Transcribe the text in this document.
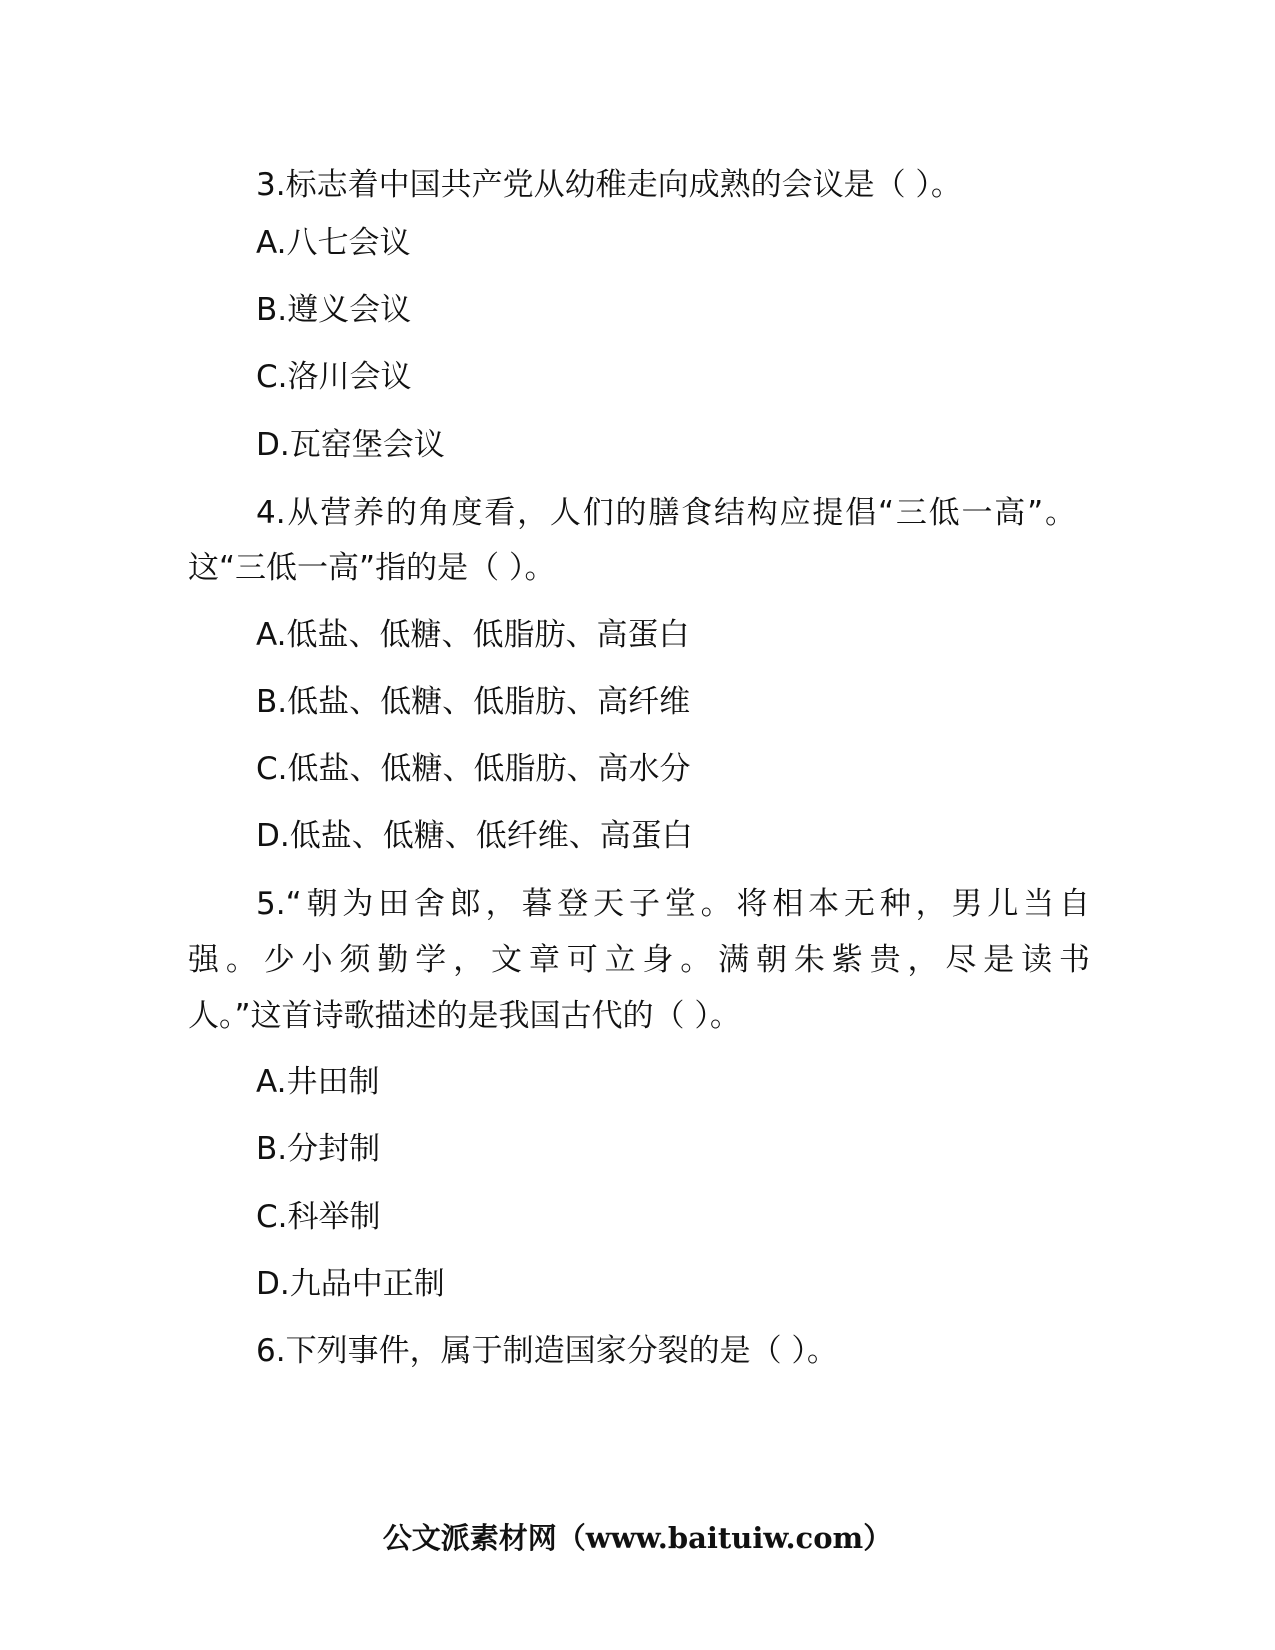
3.标志着中国共产党从幼稚走向成熟的会议是（ ）。
A.八七会议
B.遵义会议
C.洛川会议
D.瓦窑堡会议
4.从营养的角度看，人们的膳食结构应提倡“三低一高”。
这“三低一高”指的是（ ）。
A.低盐、低糖、低脂肪、高蛋白
B.低盐、低糖、低脂肪、高纤维
C.低盐、低糖、低脂肪、高水分
D.低盐、低糖、低纤维、高蛋白
5.“朝为田舍郎，暮登天子堂。将相本无种，男儿当自
强。少小须勤学，文章可立身。满朝朱紫贵，尽是读书
人。”这首诗歌描述的是我国古代的（ ）。
A.井田制
B.分封制
C.科举制
D.九品中正制
6.下列事件，属于制造国家分裂的是（ ）。
公文派素材网（www.baituiw.com）
